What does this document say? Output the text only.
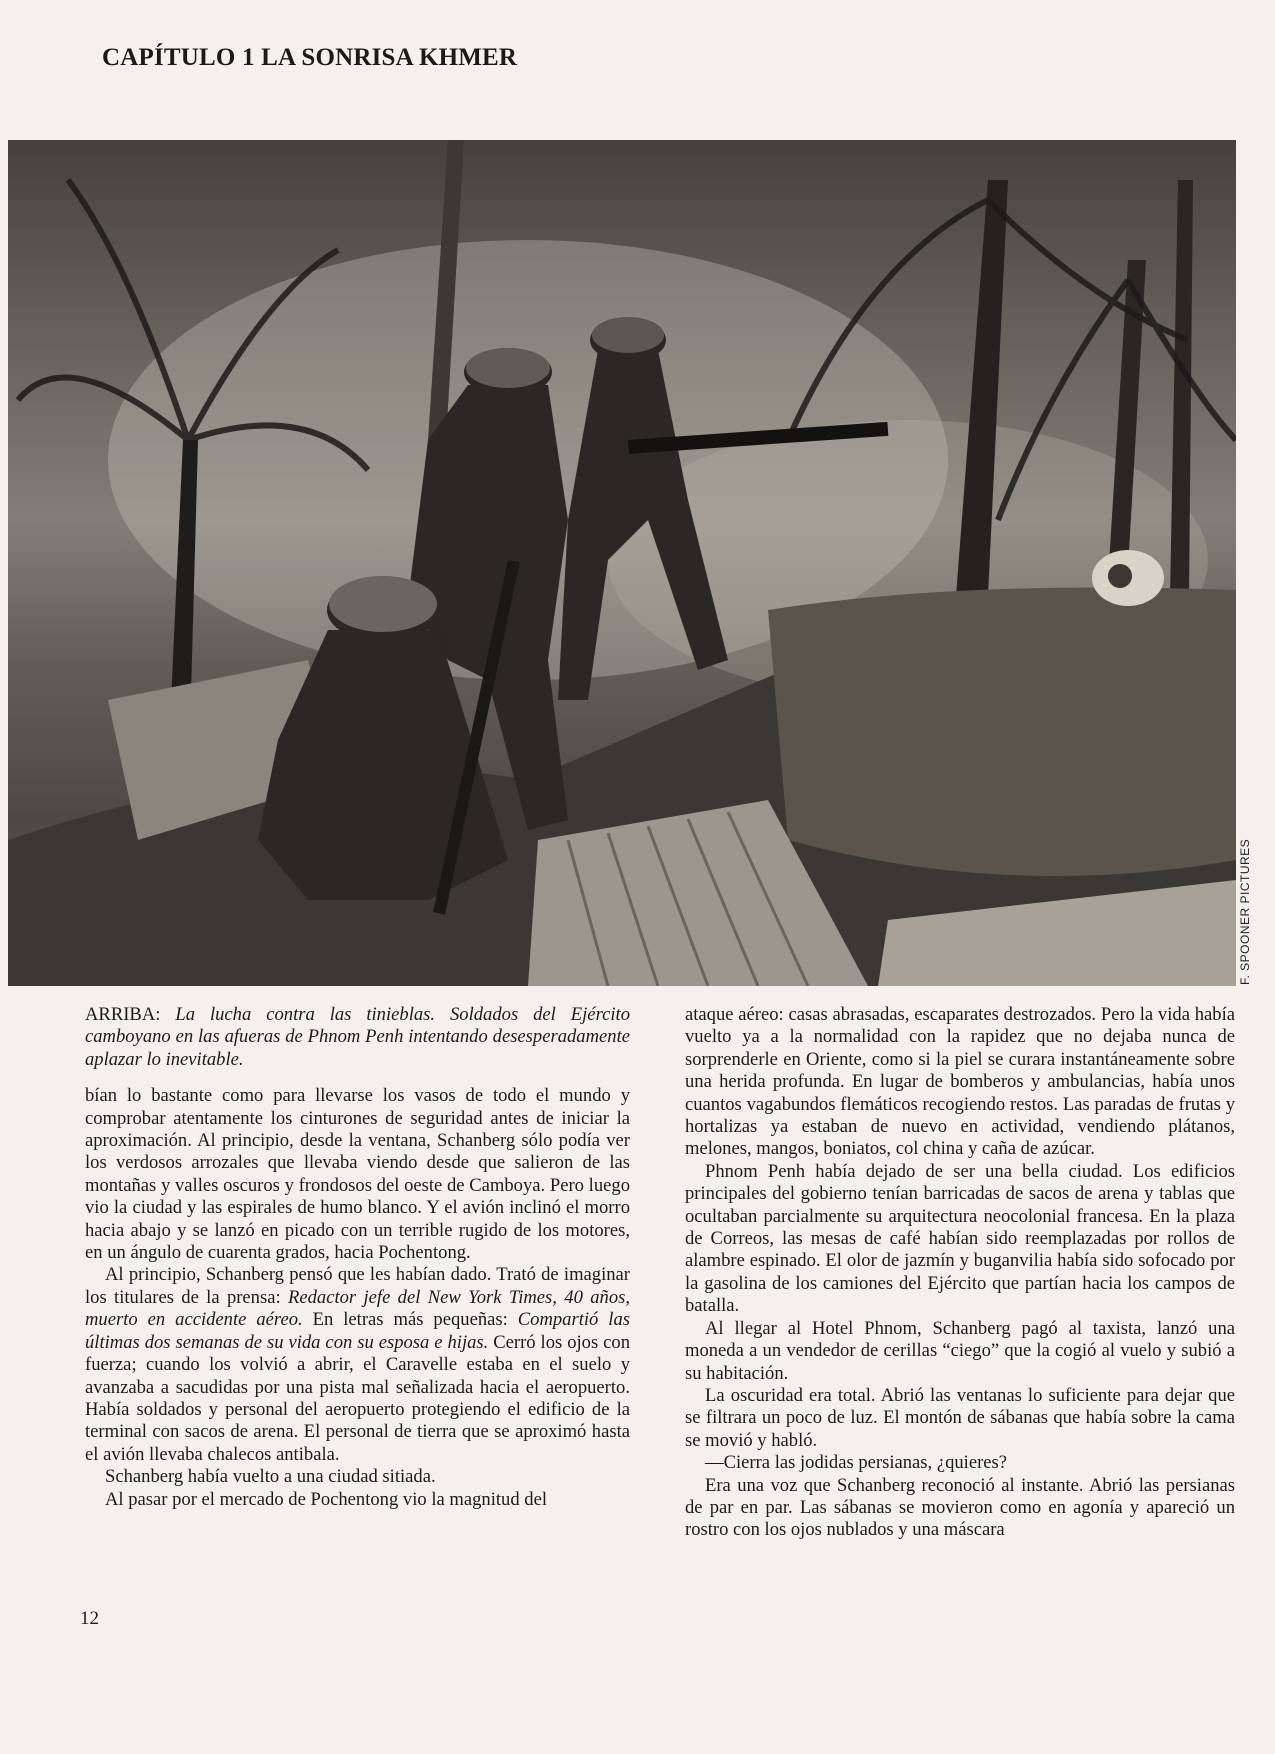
CAPÍTULO 1 LA SONRISA KHMER
F. SPOONER PICTURES
ARRIBA: La lucha contra las tinieblas. Soldados del Ejército camboyano en las afueras de Phnom Penh intentando desesperadamente aplazar lo inevitable.

bían lo bastante como para llevarse los vasos de todo el mundo y comprobar atentamente los cinturones de seguridad antes de iniciar la aproximación. Al principio, desde la ventana, Schanberg sólo podía ver los verdosos arrozales que llevaba viendo desde que salieron de las montañas y valles oscuros y frondosos del oeste de Camboya. Pero luego vio la ciudad y las espirales de humo blanco. Y el avión inclinó el morro hacia abajo y se lanzó en picado con un terrible rugido de los motores, en un ángulo de cuarenta grados, hacia Pochentong.

Al principio, Schanberg pensó que les habían dado. Trató de imaginar los titulares de la prensa: Redactor jefe del New York Times, 40 años, muerto en accidente aéreo. En letras más pequeñas: Compartió las últimas dos semanas de su vida con su esposa e hijas. Cerró los ojos con fuerza; cuando los volvió a abrir, el Caravelle estaba en el suelo y avanzaba a sacudidas por una pista mal señalizada hacia el aeropuerto. Había soldados y personal del aeropuerto protegiendo el edificio de la terminal con sacos de arena. El personal de tierra que se aproximó hasta el avión llevaba chalecos antibala.

Schanberg había vuelto a una ciudad sitiada.

Al pasar por el mercado de Pochentong vio la magnitud del

ataque aéreo: casas abrasadas, escaparates destrozados. Pero la vida había vuelto ya a la normalidad con la rapidez que no dejaba nunca de sorprenderle en Oriente, como si la piel se curara instantáneamente sobre una herida profunda. En lugar de bomberos y ambulancias, había unos cuantos vagabundos flemáticos recogiendo restos. Las paradas de frutas y hortalizas ya estaban de nuevo en actividad, vendiendo plátanos, melones, mangos, boniatos, col china y caña de azúcar.

Phnom Penh había dejado de ser una bella ciudad. Los edificios principales del gobierno tenían barricadas de sacos de arena y tablas que ocultaban parcialmente su arquitectura neocolonial francesa. En la plaza de Correos, las mesas de café habían sido reemplazadas por rollos de alambre espinado. El olor de jazmín y buganvilia había sido sofocado por la gasolina de los camiones del Ejército que partían hacia los campos de batalla.

Al llegar al Hotel Phnom, Schanberg pagó al taxista, lanzó una moneda a un vendedor de cerillas “ciego” que la cogió al vuelo y subió a su habitación.

La oscuridad era total. Abrió las ventanas lo suficiente para dejar que se filtrara un poco de luz. El montón de sábanas que había sobre la cama se movió y habló.

—Cierra las jodidas persianas, ¿quieres?

Era una voz que Schanberg reconoció al instante. Abrió las persianas de par en par. Las sábanas se movieron como en agonía y apareció un rostro con los ojos nublados y una máscara

12
